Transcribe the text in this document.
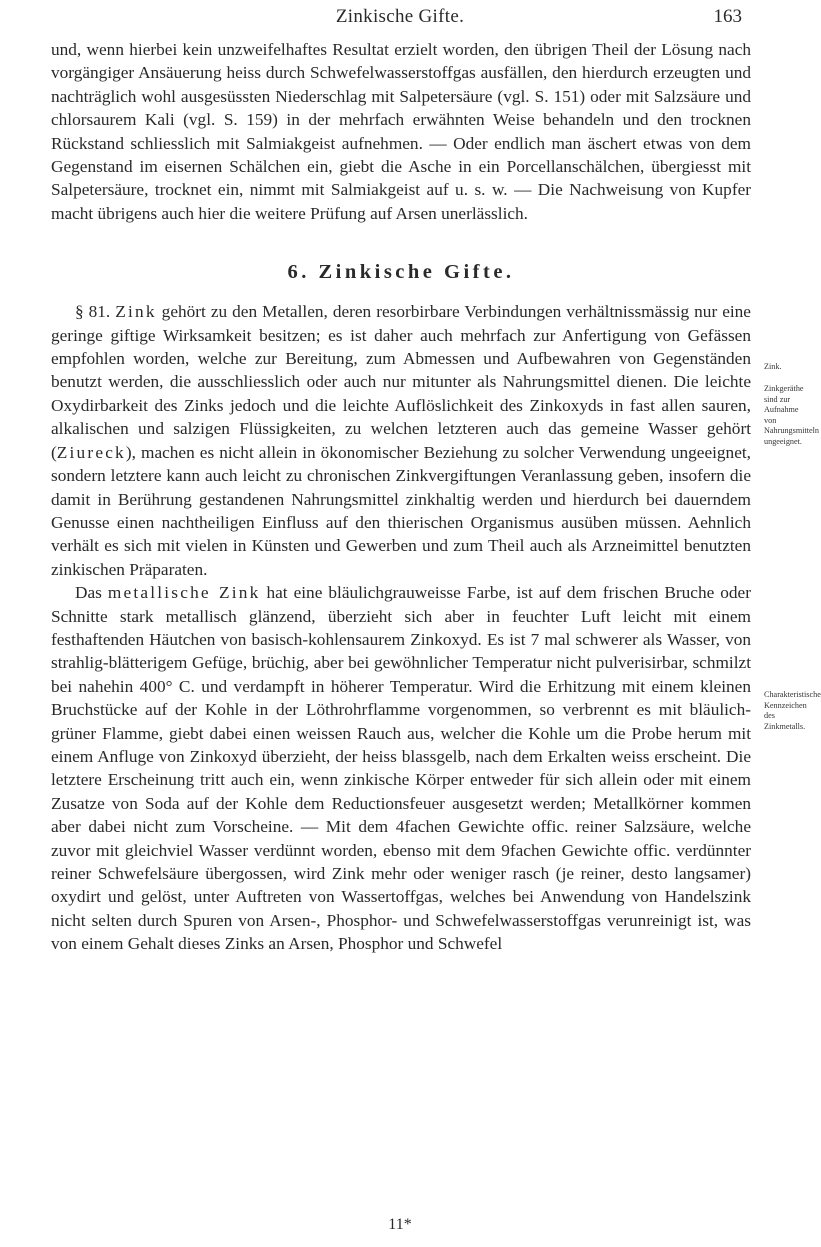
Zinkische Gifte.	163

und, wenn hierbei kein unzweifelhaftes Resultat erzielt worden, den übrigen Theil der Lösung nach vorgängiger Ansäuerung heiss durch Schwefelwasserstoffgas ausfällen, den hierdurch erzeugten und nachträglich wohl ausgesüssten Niederschlag mit Salpetersäure (vgl. S. 151) oder mit Salzsäure und chlorsaurem Kali (vgl. S. 159) in der mehrfach erwähnten Weise behandeln und den trocknen Rückstand schliesslich mit Salmiakgeist aufnehmen. — Oder endlich man äschert etwas von dem Gegenstand im eisernen Schälchen ein, giebt die Asche in ein Porcellanschälchen, übergiesst mit Salpetersäure, trocknet ein, nimmt mit Salmiakgeist auf u. s. w. — Die Nachweisung von Kupfer macht übrigens auch hier die weitere Prüfung auf Arsen unerlässlich.

6. Zinkische Gifte.

§ 81. Zink gehört zu den Metallen, deren resorbirbare Verbindungen verhältnissmässig nur eine geringe giftige Wirksamkeit besitzen; es ist daher auch mehrfach zur Anfertigung von Gefässen empfohlen worden, welche zur Bereitung, zum Abmessen und Aufbewahren von Gegenständen benutzt werden, die ausschliesslich oder auch nur mitunter als Nahrungsmittel dienen. Die leichte Oxydirbarkeit des Zinks jedoch und die leichte Auflöslichkeit des Zinkoxyds in fast allen sauren, alkalischen und salzigen Flüssigkeiten, zu welchen letzteren auch das gemeine Wasser gehört (Ziureck), machen es nicht allein in ökonomischer Beziehung zu solcher Verwendung ungeeignet, sondern letztere kann auch leicht zu chronischen Zinkvergiftungen Veranlassung geben, insofern die damit in Berührung gestandenen Nahrungsmittel zinkhaltig werden und hierdurch bei dauerndem Genusse einen nachtheiligen Einfluss auf den thierischen Organismus ausüben müssen. Aehnlich verhält es sich mit vielen in Künsten und Gewerben und zum Theil auch als Arzneimittel benutzten zinkischen Präparaten.

Das metallische Zink hat eine bläulichgrauweisse Farbe, ist auf dem frischen Bruche oder Schnitte stark metallisch glänzend, überzieht sich aber in feuchter Luft leicht mit einem festhaftenden Häutchen von basisch-kohlensaurem Zinkoxyd. Es ist 7 mal schwerer als Wasser, von strahlig-blätterigem Gefüge, brüchig, aber bei gewöhnlicher Temperatur nicht pulverisirbar, schmilzt bei nahehin 400° C. und verdampft in höherer Temperatur. Wird die Erhitzung mit einem kleinen Bruchstücke auf der Kohle in der Löthrohrflamme vorgenommen, so verbrennt es mit bläulich-grüner Flamme, giebt dabei einen weissen Rauch aus, welcher die Kohle um die Probe herum mit einem Anfluge von Zinkoxyd überzieht, der heiss blassgelb, nach dem Erkalten weiss erscheint. Die letztere Erscheinung tritt auch ein, wenn zinkische Körper entweder für sich allein oder mit einem Zusatze von Soda auf der Kohle dem Reductionsfeuer ausgesetzt werden; Metallkörner kommen aber dabei nicht zum Vorscheine. — Mit dem 4fachen Gewichte offic. reiner Salzsäure, welche zuvor mit gleichviel Wasser verdünnt worden, ebenso mit dem 9fachen Gewichte offic. verdünnter reiner Schwefelsäure übergossen, wird Zink mehr oder weniger rasch (je reiner, desto langsamer) oxydirt und gelöst, unter Auftreten von Wassertoffgas, welches bei Anwendung von Handelszink nicht selten durch Spuren von Arsen-, Phosphor- und Schwefelwasserstoffgas verunreinigt ist, was von einem Gehalt dieses Zinks an Arsen, Phosphor und Schwefel

Zink.
Zinkgeräthe sind zur Aufnahme von Nahrungsmitteln ungeeignet.
Charakteristische Kennzeichen des Zinkmetalls.
11*
